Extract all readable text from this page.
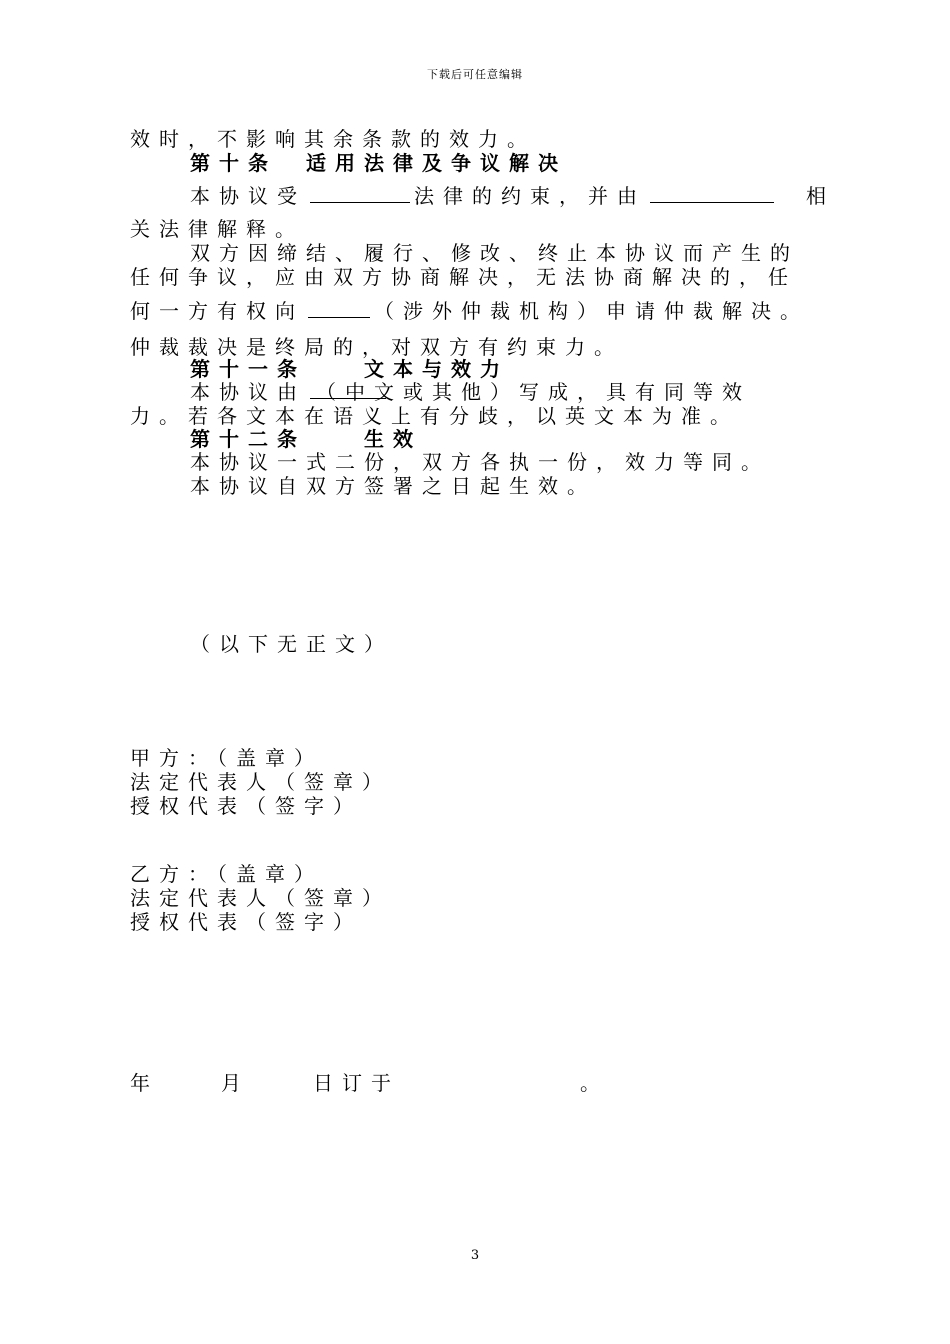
下载后可任意编辑
效时，不影响其余条款的效力。
第十条　适用法律及争议解决
本协议受	法律的约束，并由	相
关法律解释。
双方因缔结、履行、修改、终止本协议而产生的
任何争议，应由双方协商解决，无法协商解决的，任
何一方有权向	（涉外仲裁机构）申请仲裁解决。
仲裁裁决是终局的，对双方有约束力。
第十一条　　文本与效力
本协议由 （中文或其他）写成，具有同等效
力。若各文本在语义上有分歧，以英文本为准。
第十二条　　生效
本协议一式二份，双方各执一份，效力等同。
本协议自双方签署之日起生效。
（以下无正文）
甲方：（盖章）
法定代表人（签章）
授权代表（签字）
乙方：（盖章）
法定代表人（签章）
授权代表（签字）
年	月	日订于	。
3
